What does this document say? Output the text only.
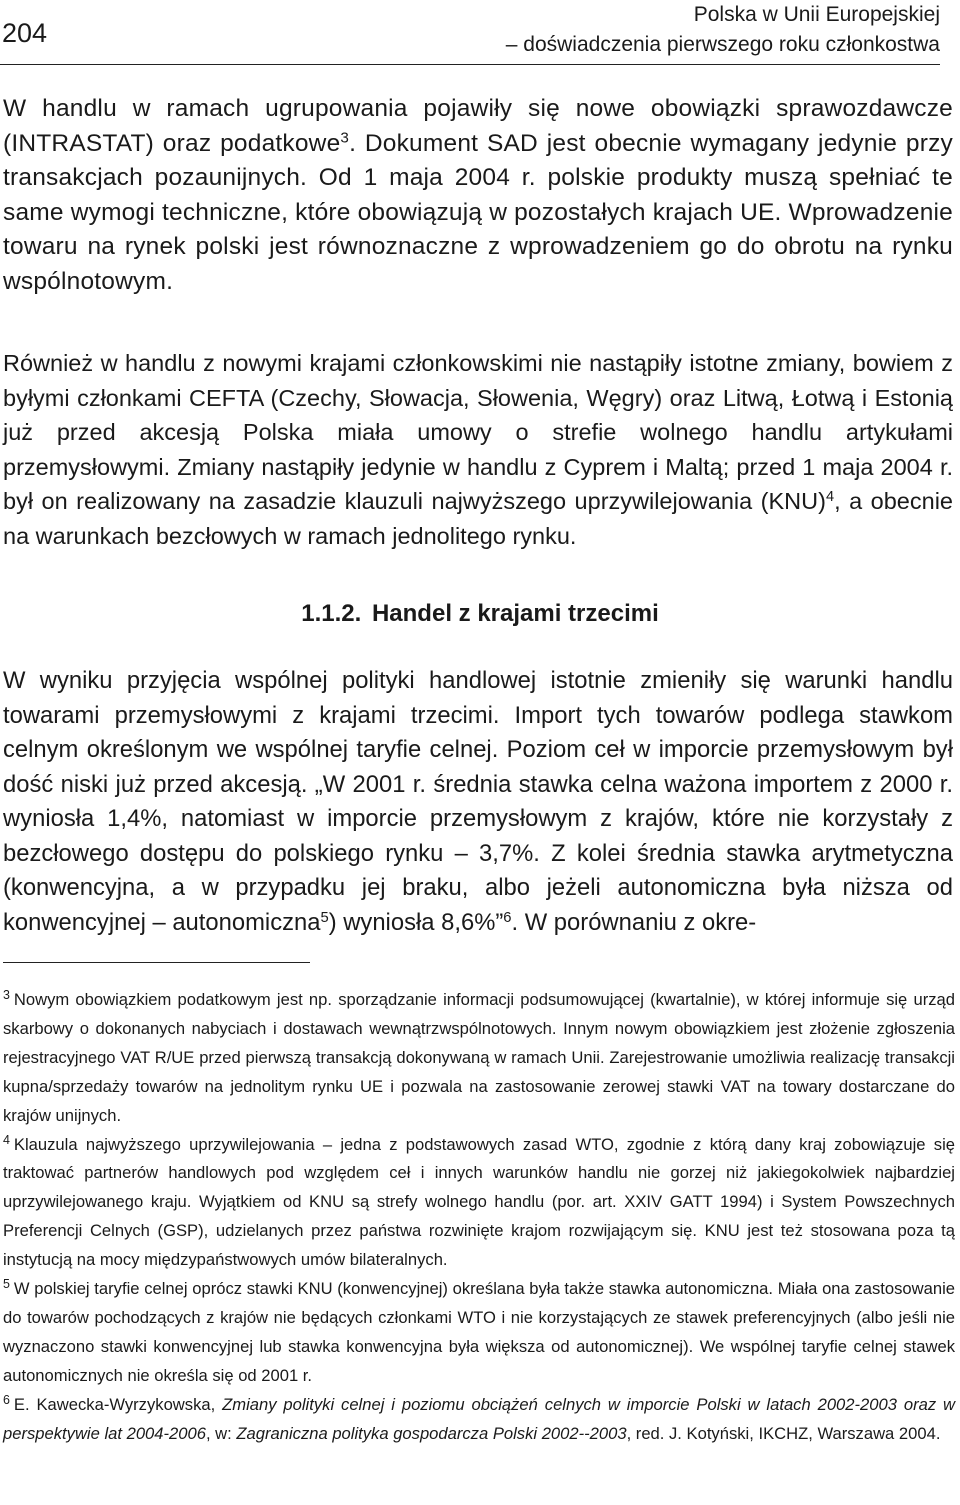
204
Polska w Unii Europejskiej
– doświadczenia pierwszego roku członkostwa

W handlu w ramach ugrupowania pojawiły się nowe obowiązki sprawozdawcze (INTRASTAT) oraz podatkowe$^3$. Dokument SAD jest obecnie wymagany jedynie przy transakcjach pozaunijnych. Od 1 maja 2004 r. polskie produkty muszą spełniać te same wymogi techniczne, które obowiązują w pozostałych krajach UE. Wprowadzenie towaru na rynek polski jest równoznaczne z wprowadzeniem go do obrotu na rynku wspólnotowym.

Również w handlu z nowymi krajami członkowskimi nie nastąpiły istotne zmiany, bowiem z byłymi członkami CEFTA (Czechy, Słowacja, Słowenia, Węgry) oraz Litwą, Łotwą i Estonią już przed akcesją Polska miała umowy o strefie wolnego handlu artykułami przemysłowymi. Zmiany nastąpiły jedynie w handlu z Cyprem i Maltą; przed 1 maja 2004 r. był on realizowany na zasadzie klauzuli najwyższego uprzywilejowania (KNU)$^4$, a obecnie na warunkach bezcłowych w ramach jednolitego rynku.

1.1.2. Handel z krajami trzecimi

W wyniku przyjęcia wspólnej polityki handlowej istotnie zmieniły się warunki handlu towarami przemysłowymi z krajami trzecimi. Import tych towarów podlega stawkom celnym określonym we wspólnej taryfie celnej. Poziom ceł w imporcie przemysłowym był dość niski już przed akcesją. „W 2001 r. średnia stawka celna ważona importem z 2000 r. wyniosła 1,4%, natomiast w imporcie przemysłowym z krajów, które nie korzystały z bezcłowego dostępu do polskiego rynku – 3,7%. Z kolei średnia stawka arytmetyczna (konwencyjna, a w przypadku jej braku, albo jeżeli autonomiczna była niższa od konwencyjnej – autonomiczna$^5$) wyniosła 8,6%”$^6$. W porównaniu z okre-

$^3$ Nowym obowiązkiem podatkowym jest np. sporządzanie informacji podsumowującej (kwartalnie), w której informuje się urząd skarbowy o dokonanych nabyciach i dostawach wewnątrzwspólnotowych. Innym nowym obowiązkiem jest złożenie zgłoszenia rejestracyjnego VAT R/UE przed pierwszą transakcją dokonywaną w ramach Unii. Zarejestrowanie umożliwia realizację transakcji kupna/sprzedaży towarów na jednolitym rynku UE i pozwala na zastosowanie zerowej stawki VAT na towary dostarczane do krajów unijnych.

$^4$ Klauzula najwyższego uprzywilejowania – jedna z podstawowych zasad WTO, zgodnie z którą dany kraj zobowiązuje się traktować partnerów handlowych pod względem ceł i innych warunków handlu nie gorzej niż jakiegokolwiek najbardziej uprzywilejowanego kraju. Wyjątkiem od KNU są strefy wolnego handlu (por. art. XXIV GATT 1994) i System Powszechnych Preferencji Celnych (GSP), udzielanych przez państwa rozwinięte krajom rozwijającym się. KNU jest też stosowana poza tą instytucją na mocy międzypaństwowych umów bilateralnych.

$^5$ W polskiej taryfie celnej oprócz stawki KNU (konwencyjnej) określana była także stawka autonomiczna. Miała ona zastosowanie do towarów pochodzących z krajów nie będących członkami WTO i nie korzystających ze stawek preferencyjnych (albo jeśli nie wyznaczono stawki konwencyjnej lub stawka konwencyjna była większa od autonomicznej). We wspólnej taryfie celnej stawek autonomicznych nie określa się od 2001 r.

$^6$ E. Kawecka-Wyrzykowska, Zmiany polityki celnej i poziomu obciążeń celnych w imporcie Polski w latach 2002-2003 oraz w perspektywie lat 2004-2006, w: Zagraniczna polityka gospodarcza Polski 2002--2003, red. J. Kotyński, IKCHZ, Warszawa 2004.
